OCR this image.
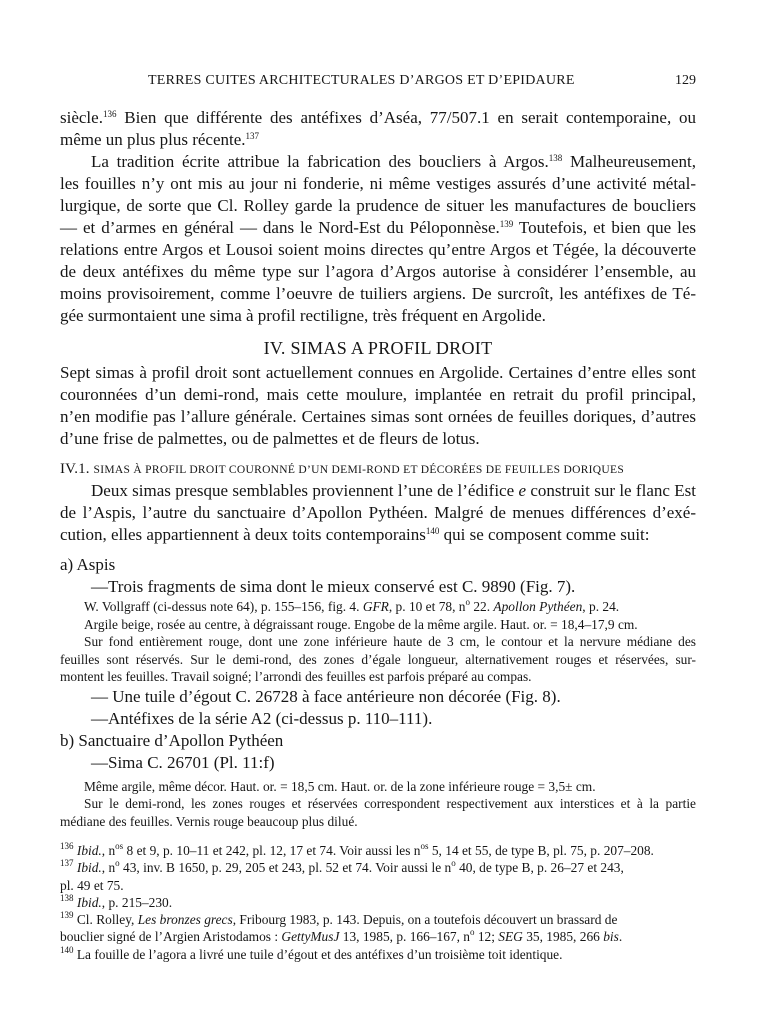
TERRES CUITES ARCHITECTURALES D’ARGOS ET D’EPIDAURE	129
siècle.$^{136}$ Bien que différente des antéfixes d’Aséa, 77/507.1 en serait contemporaine, ou
même un plus plus récente.$^{137}$
La tradition écrite attribue la fabrication des boucliers à Argos.$^{138}$ Malheureusement,
les fouilles n’y ont mis au jour ni fonderie, ni même vestiges assurés d’une activité métal-
lurgique, de sorte que Cl. Rolley garde la prudence de situer les manufactures de boucliers
— et d’armes en général — dans le Nord-Est du Péloponnèse.$^{139}$ Toutefois, et bien que les
relations entre Argos et Lousoi soient moins directes qu’entre Argos et Tégée, la découverte
de deux antéfixes du même type sur l’agora d’Argos autorise à considérer l’ensemble, au
moins provisoirement, comme l’oeuvre de tuiliers argiens. De surcroît, les antéfixes de Té-
gée surmontaient une sima à profil rectiligne, très fréquent en Argolide.
IV. SIMAS A PROFIL DROIT
Sept simas à profil droit sont actuellement connues en Argolide. Certaines d’entre elles sont
couronnées d’un demi-rond, mais cette moulure, implantée en retrait du profil principal,
n’en modifie pas l’allure générale. Certaines simas sont ornées de feuilles doriques, d’autres
d’une frise de palmettes, ou de palmettes et de fleurs de lotus.
IV.1. SIMAS À PROFIL DROIT COURONNÉ D’UN DEMI-ROND ET DÉCORÉES DE FEUILLES DORIQUES
Deux simas presque semblables proviennent l’une de l’édifice e construit sur le flanc Est
de l’Aspis, l’autre du sanctuaire d’Apollon Pythéen. Malgré de menues différences d’exé-
cution, elles appartiennent à deux toits contemporains$^{140}$ qui se composent comme suit:
a) Aspis
—Trois fragments de sima dont le mieux conservé est C. 9890 (Fig. 7).
W. Vollgraff (ci-dessus note 64), p. 155–156, fig. 4. GFR, p. 10 et 78, $n^o$ 22. Apollon Pythéen, p. 24.
Argile beige, rosée au centre, à dégraissant rouge. Engobe de la même argile. Haut. or. = 18,4–17,9 cm.
Sur fond entièrement rouge, dont une zone inférieure haute de 3 cm, le contour et la nervure médiane des
feuilles sont réservés. Sur le demi-rond, des zones d’égale longueur, alternativement rouges et réservées, sur-
montent les feuilles. Travail soigné; l’arrondi des feuilles est parfois préparé au compas.
— Une tuile d’égout C. 26728 à face antérieure non décorée (Fig. 8).
—Antéfixes de la série A2 (ci-dessus p. 110–111).
b) Sanctuaire d’Apollon Pythéen
—Sima C. 26701 (Pl. 11:f)
Même argile, même décor. Haut. or. = 18,5 cm. Haut. or. de la zone inférieure rouge = 3,5± cm.
Sur le demi-rond, les zones rouges et réservées correspondent respectivement aux interstices et à la partie
médiane des feuilles. Vernis rouge beaucoup plus dilué.
$^{136}$ Ibid., $n^{os}$ 8 et 9, p. 10–11 et 242, pl. 12, 17 et 74. Voir aussi les $n^{os}$ 5, 14 et 55, de type B, pl. 75, p. 207–208.
$^{137}$ Ibid., $n^o$ 43, inv. B 1650, p. 29, 205 et 243, pl. 52 et 74. Voir aussi le $n^o$ 40, de type B, p. 26–27 et 243,
pl. 49 et 75.
$^{138}$ Ibid., p. 215–230.
$^{139}$ Cl. Rolley, Les bronzes grecs, Fribourg 1983, p. 143. Depuis, on a toutefois découvert un brassard de
bouclier signé de l’Argien Aristodamos : GettyMusJ 13, 1985, p. 166–167, $n^o$ 12; SEG 35, 1985, 266 bis.
$^{140}$ La fouille de l’agora a livré une tuile d’égout et des antéfixes d’un troisième toit identique.
